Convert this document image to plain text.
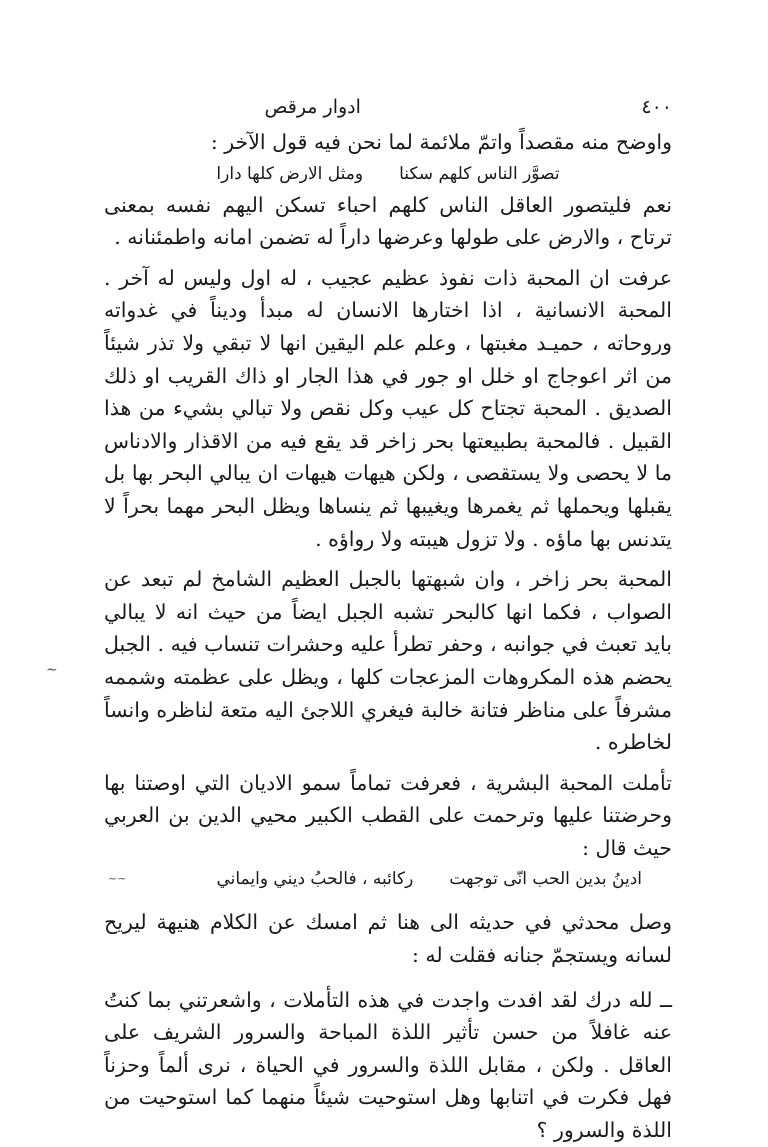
٤٠٠
ادوار مرقص

واوضح منه مقصداً واتمّ ملائمة لما نحن فيه قول الآخر :

تصوَّر الناس كلهم سكنا
ومثل الارض كلها دارا

نعم فليتصور العاقل الناس كلهم احباء تسكن اليهم نفسه بمعنى ترتاح ، والارض على طولها وعرضها داراً له تضمن امانه واطمئنانه .

عرفت ان المحبة ذات نفوذ عظيم عجيب ، له اول وليس له آخر . المحبة الانسانية ، اذا اختارها الانسان له مبدأ وديناً في غدواته وروحاته ، حميـد مغبتها ، وعلم علم اليقين انها لا تبقي ولا تذر شيئاً من اثر اعوجاج او خلل او جور في هذا الجار او ذاك القريب او ذلك الصديق . المحبة تجتاح كل عيب وكل نقص ولا تبالي بشيء من هذا القبيل . فالمحبة بطبيعتها بحر زاخر قد يقع فيه من الاقذار والادناس ما لا يحصى ولا يستقصى ، ولكن هيهات هيهات ان يبالي البحر بها بل يقبلها ويحملها ثم يغمرها ويغيبها ثم ينساها ويظل البحر مهما بحراً لا يتدنس بها ماؤه . ولا تزول هيبته ولا رواؤه .

المحبة بحر زاخر ، وان شبهتها بالجبل العظيم الشامخ لم تبعد عن الصواب ، فكما انها كالبحر تشبه الجبل ايضاً من حيث انه لا يبالي بايد تعبث في جوانبه ، وحفر تطرأ عليه وحشرات تنساب فيه . الجبل يحضم هذه المكروهات المزعجات كلها ، ويظل على عظمته وشممه مشرفاً على مناظر فتانة خالبة فيغري اللاجئ اليه متعة لناظره وانساً لخاطره .

تأملت المحبة البشرية ، فعرفت تماماً سمو الاديان التي اوصتنا بها وحرضتنا عليها وترحمت على القطب الكبير محيي الدين بن العربي حيث قال :

ادينُ بدين الحب انّى توجهت
ركائبه ، فالحبُ ديني وايماني

وصل محدثي في حديثه الى هنا ثم امسك عن الكلام هنيهة ليريح لسانه ويستجمّ جنانه فقلت له :

ــ لله درك لقد افدت واجدت في هذه التأملات ، واشعرتني بما كنتُ عنه غافلاً من حسن تأثير اللذة المباحة والسرور الشريف على العاقل . ولكن ، مقابل اللذة والسرور في الحياة ، نرى ألماً وحزناً فهل فكرت في اتنابها وهل استوحيت شيئاً منهما كما استوحيت من اللذة والسرور ؟

∽
~~
